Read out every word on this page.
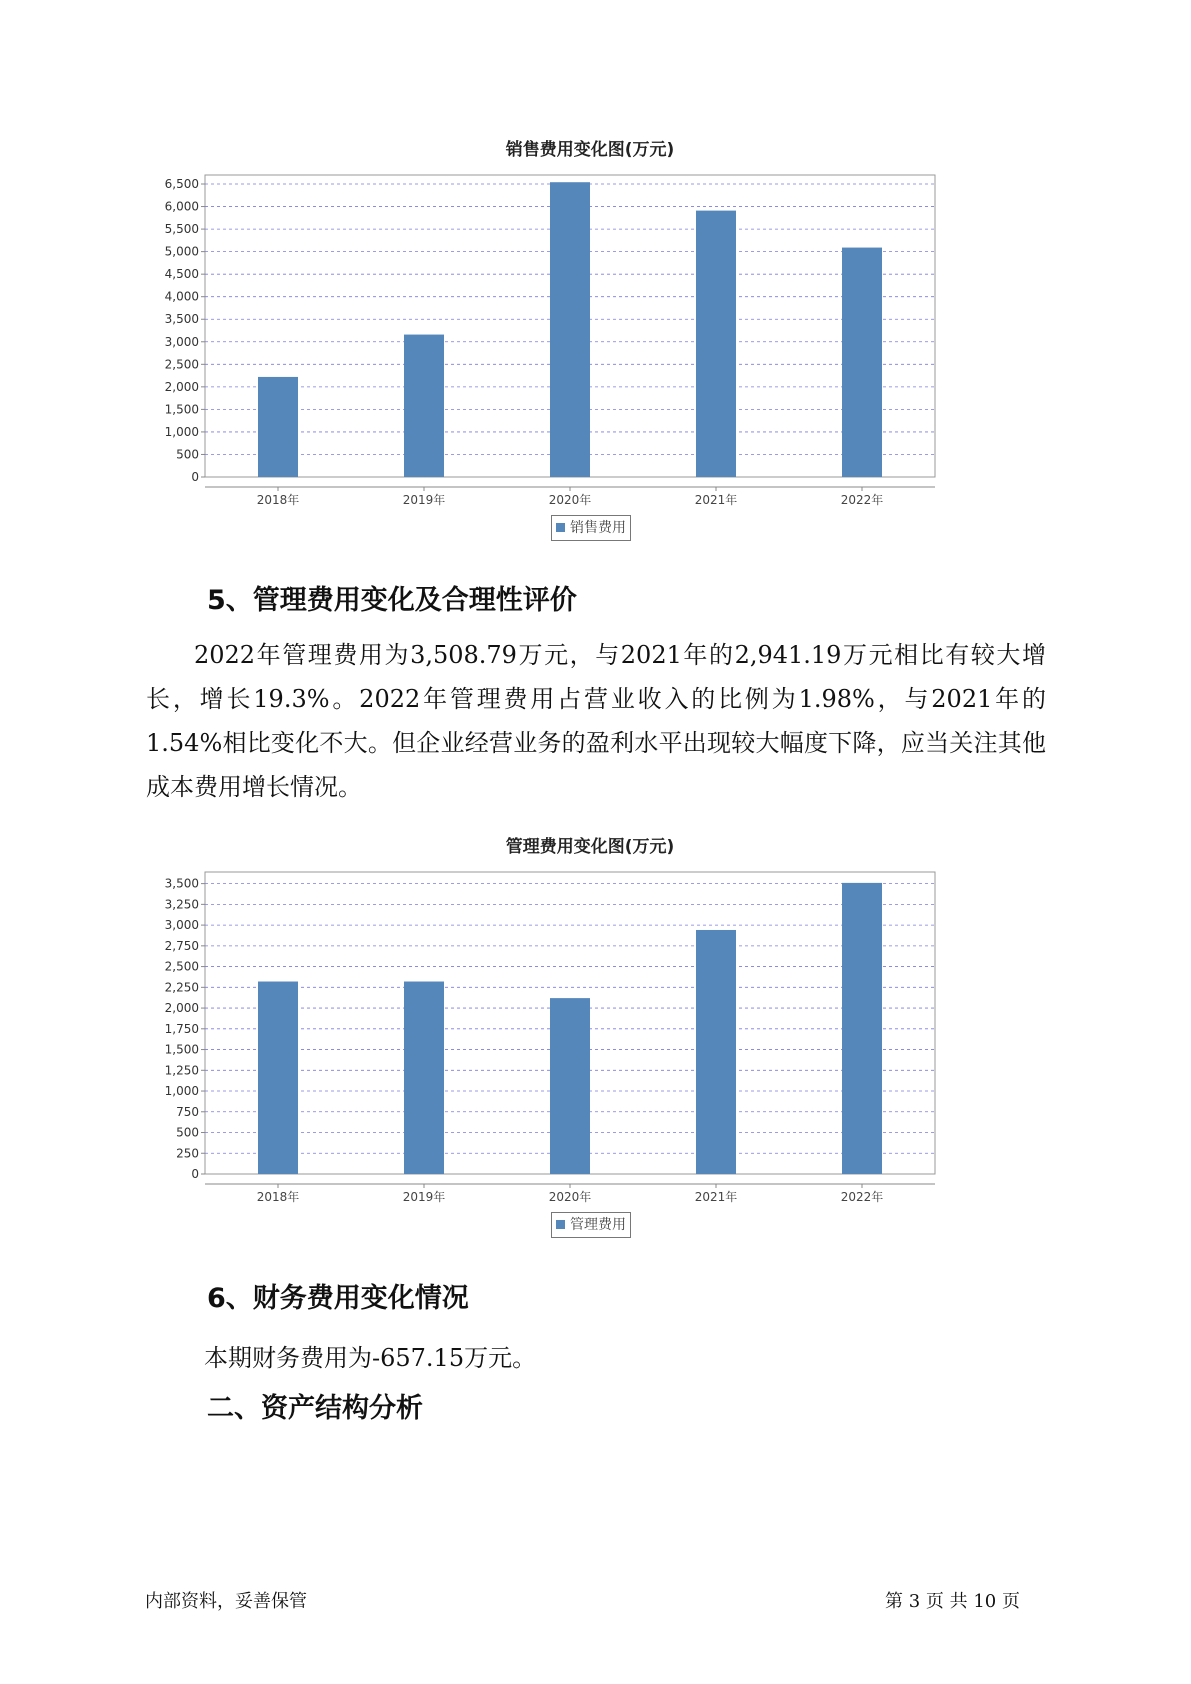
销售费用变化图(万元)
0
500
1,000
1,500
2,000
2,500
3,000
3,500
4,000
4,500
5,000
5,500
6,000
6,500
2018年	2019年	2020年	2021年	2022年
销售费用
5、管理费用变化及合理性评价

2022年管理费用为3,508.79万元，与2021年的2,941.19万元相比有较大增长，增长19.3%。2022年管理费用占营业收入的比例为1.98%，与2021年的1.54%相比变化不大。但企业经营业务的盈利水平出现较大幅度下降，应当关注其他成本费用增长情况。

管理费用变化图(万元)
0
250
500
750
1,000
1,250
1,500
1,750
2,000
2,250
2,500
2,750
3,000
3,250
3,500
2018年	2019年	2020年	2021年	2022年
管理费用
6、财务费用变化情况
本期财务费用为-657.15万元。
二、资产结构分析
内部资料，妥善保管	第 3 页 共 10 页
